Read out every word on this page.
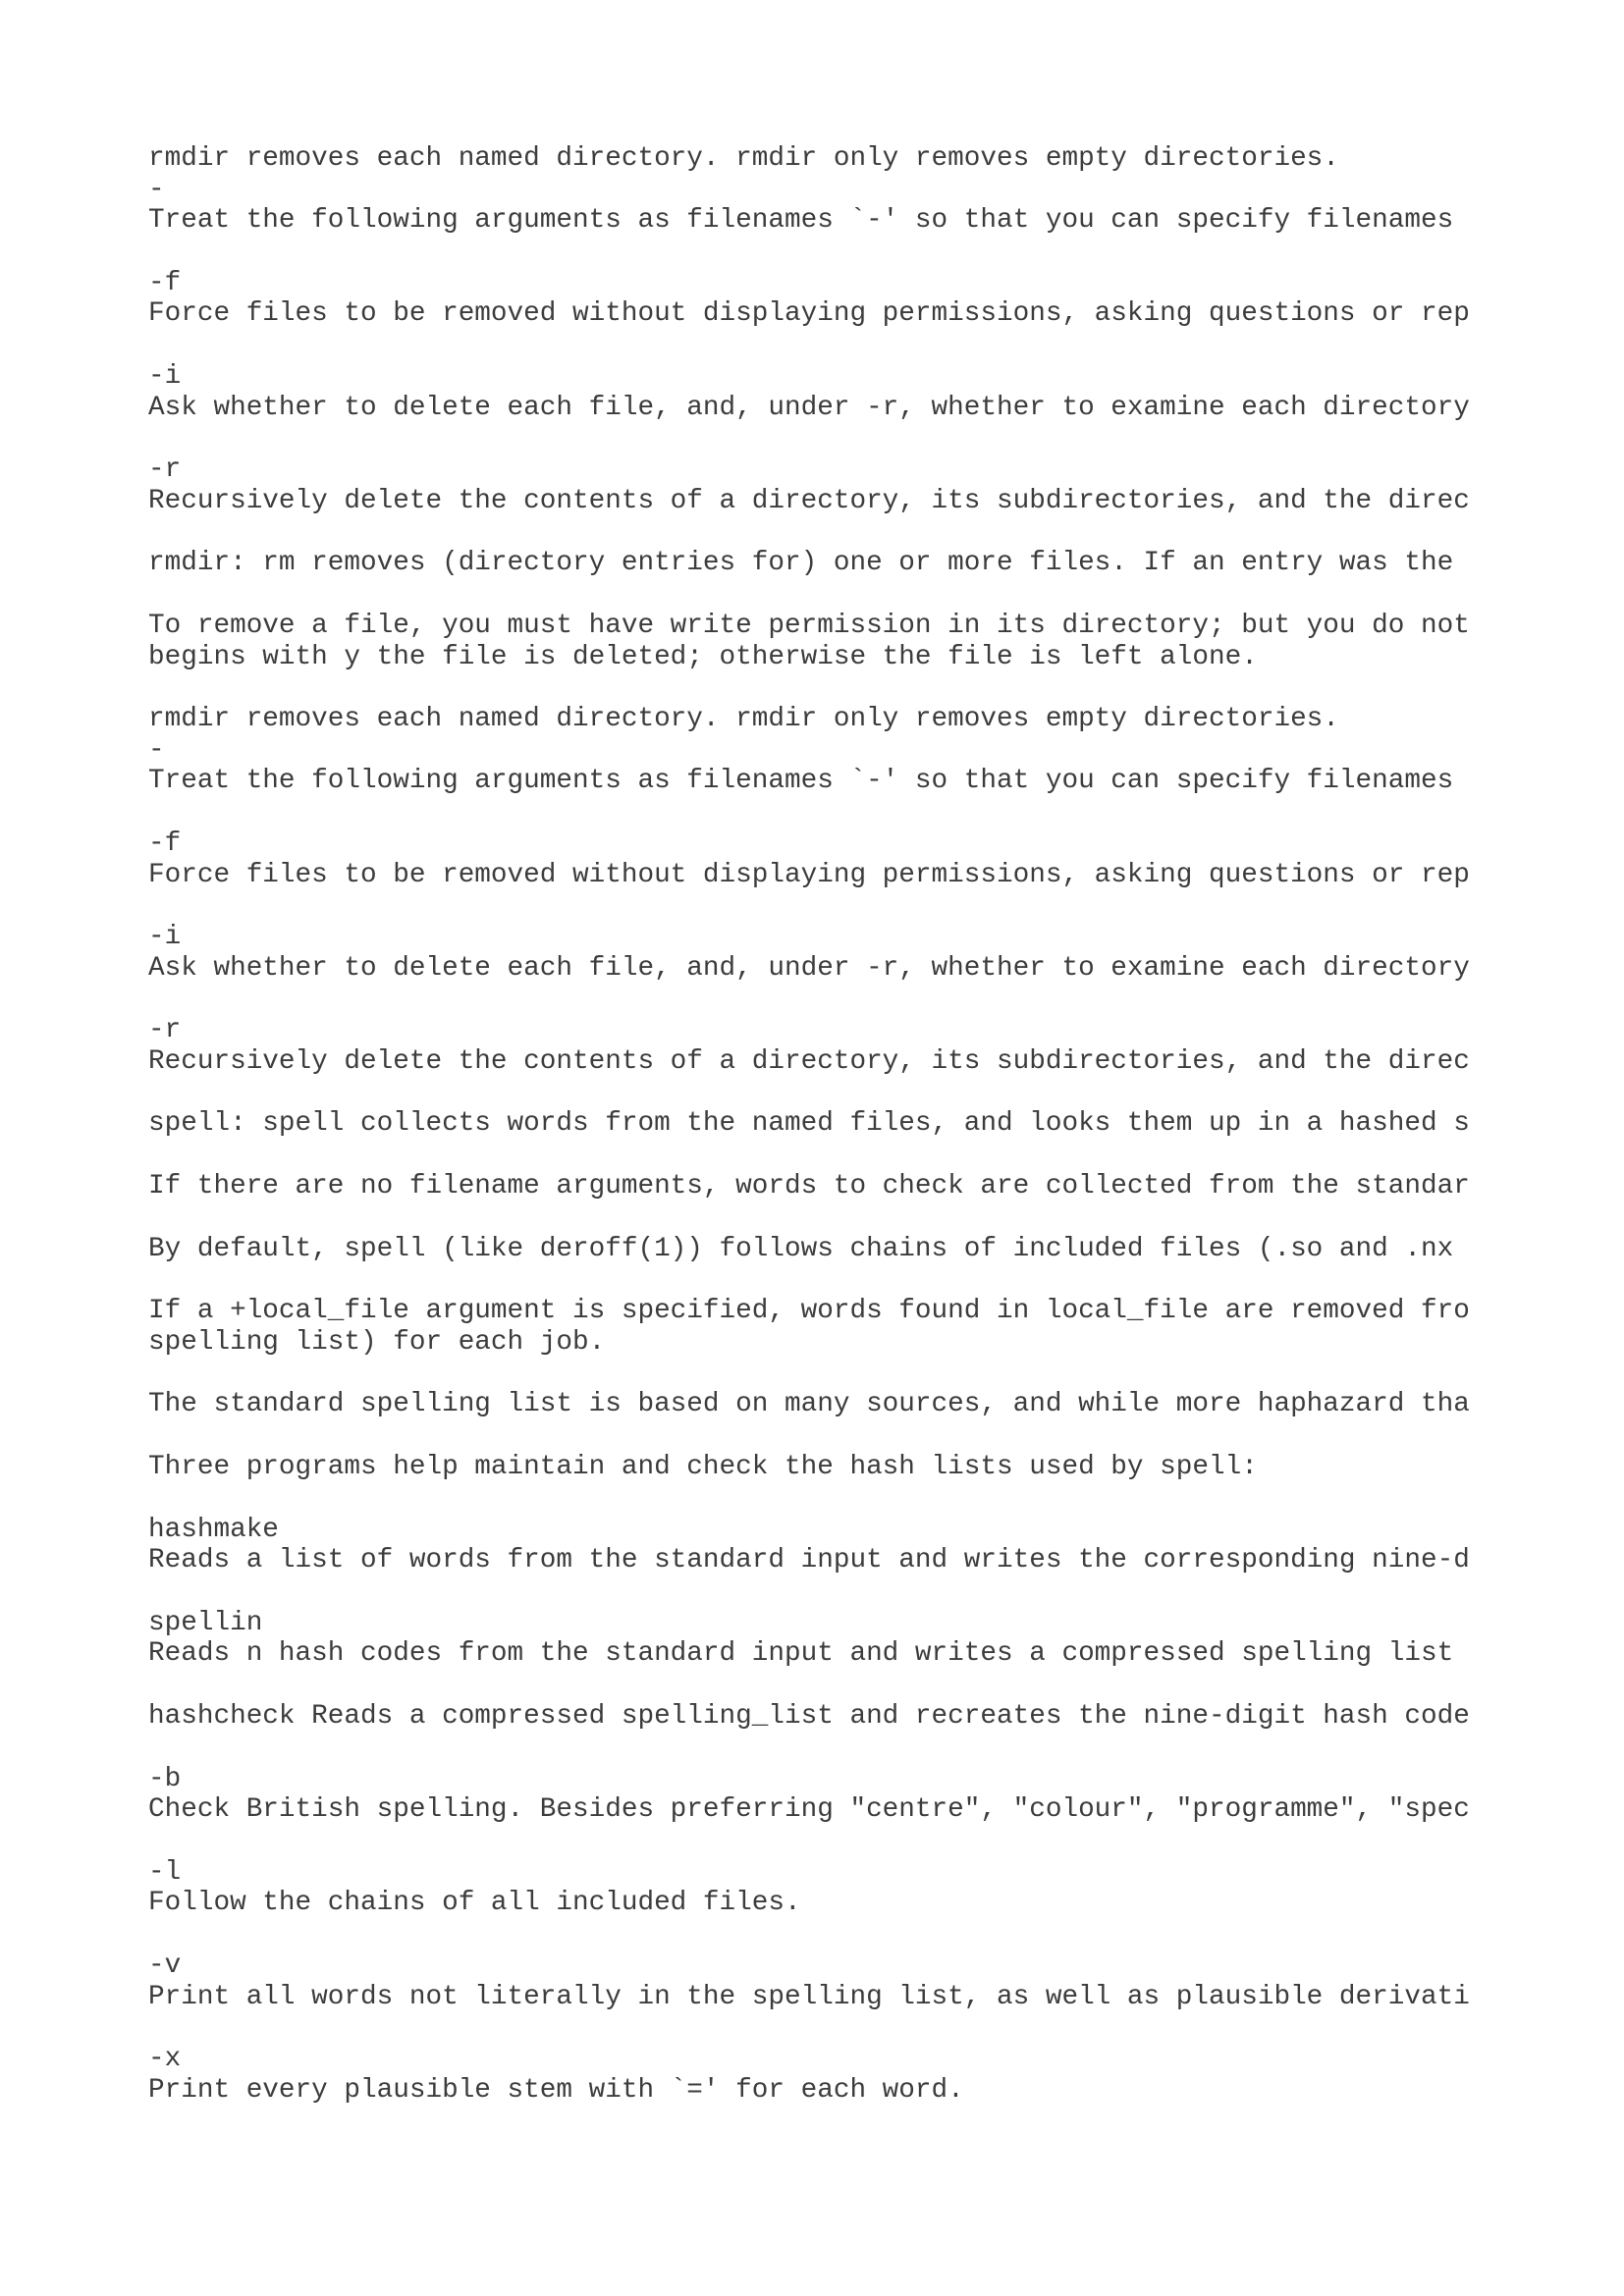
rmdir removes each named directory. rmdir only removes empty directories.
-
Treat the following arguments as filenames `-' so that you can specify filenames
-f
Force files to be removed without displaying permissions, asking questions or rep
-i
Ask whether to delete each file, and, under -r, whether to examine each directory
-r
Recursively delete the contents of a directory, its subdirectories, and the direc
rmdir: rm removes (directory entries for) one or more files. If an entry was the
To remove a file, you must have write permission in its directory; but you do not
begins with y the file is deleted; otherwise the file is left alone.
rmdir removes each named directory. rmdir only removes empty directories.
-
Treat the following arguments as filenames `-' so that you can specify filenames
-f
Force files to be removed without displaying permissions, asking questions or rep
-i
Ask whether to delete each file, and, under -r, whether to examine each directory
-r
Recursively delete the contents of a directory, its subdirectories, and the direc
spell: spell collects words from the named files, and looks them up in a hashed s
If there are no filename arguments, words to check are collected from the standar
By default, spell (like deroff(1)) follows chains of included files (.so and .nx
If a +local_file argument is specified, words found in local_file are removed fro
spelling list) for each job.
The standard spelling list is based on many sources, and while more haphazard tha
Three programs help maintain and check the hash lists used by spell:
hashmake
Reads a list of words from the standard input and writes the corresponding nine-d
spellin
Reads n hash codes from the standard input and writes a compressed spelling list
hashcheck Reads a compressed spelling_list and recreates the nine-digit hash code
-b
Check British spelling. Besides preferring "centre", "colour", "programme", "spec
-l
Follow the chains of all included files.
-v
Print all words not literally in the spelling list, as well as plausible derivati
-x
Print every plausible stem with `=' for each word.
